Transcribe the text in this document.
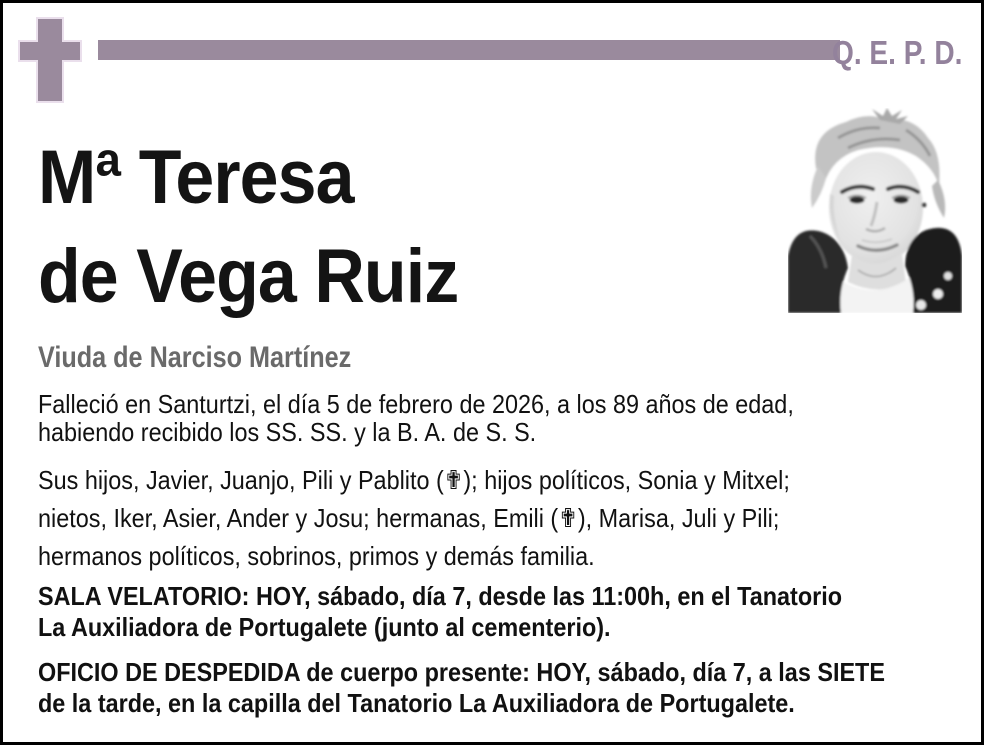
Q. E. P. D.
Mª Teresa
de Vega Ruiz
Viuda de Narciso Martínez
Falleció en Santurtzi, el día 5 de febrero de 2026, a los 89 años de edad,
habiendo recibido los SS. SS. y la B. A. de S. S.
Sus hijos, Javier, Juanjo, Pili y Pablito (✟); hijos políticos, Sonia y Mitxel;
nietos, Iker, Asier, Ander y Josu; hermanas, Emili (✟), Marisa, Juli y Pili;
hermanos políticos, sobrinos, primos y demás familia.
SALA VELATORIO: HOY, sábado, día 7, desde las 11:00h, en el Tanatorio
La Auxiliadora de Portugalete (junto al cementerio).
OFICIO DE DESPEDIDA de cuerpo presente: HOY, sábado, día 7, a las SIETE
de la tarde, en la capilla del Tanatorio La Auxiliadora de Portugalete.
